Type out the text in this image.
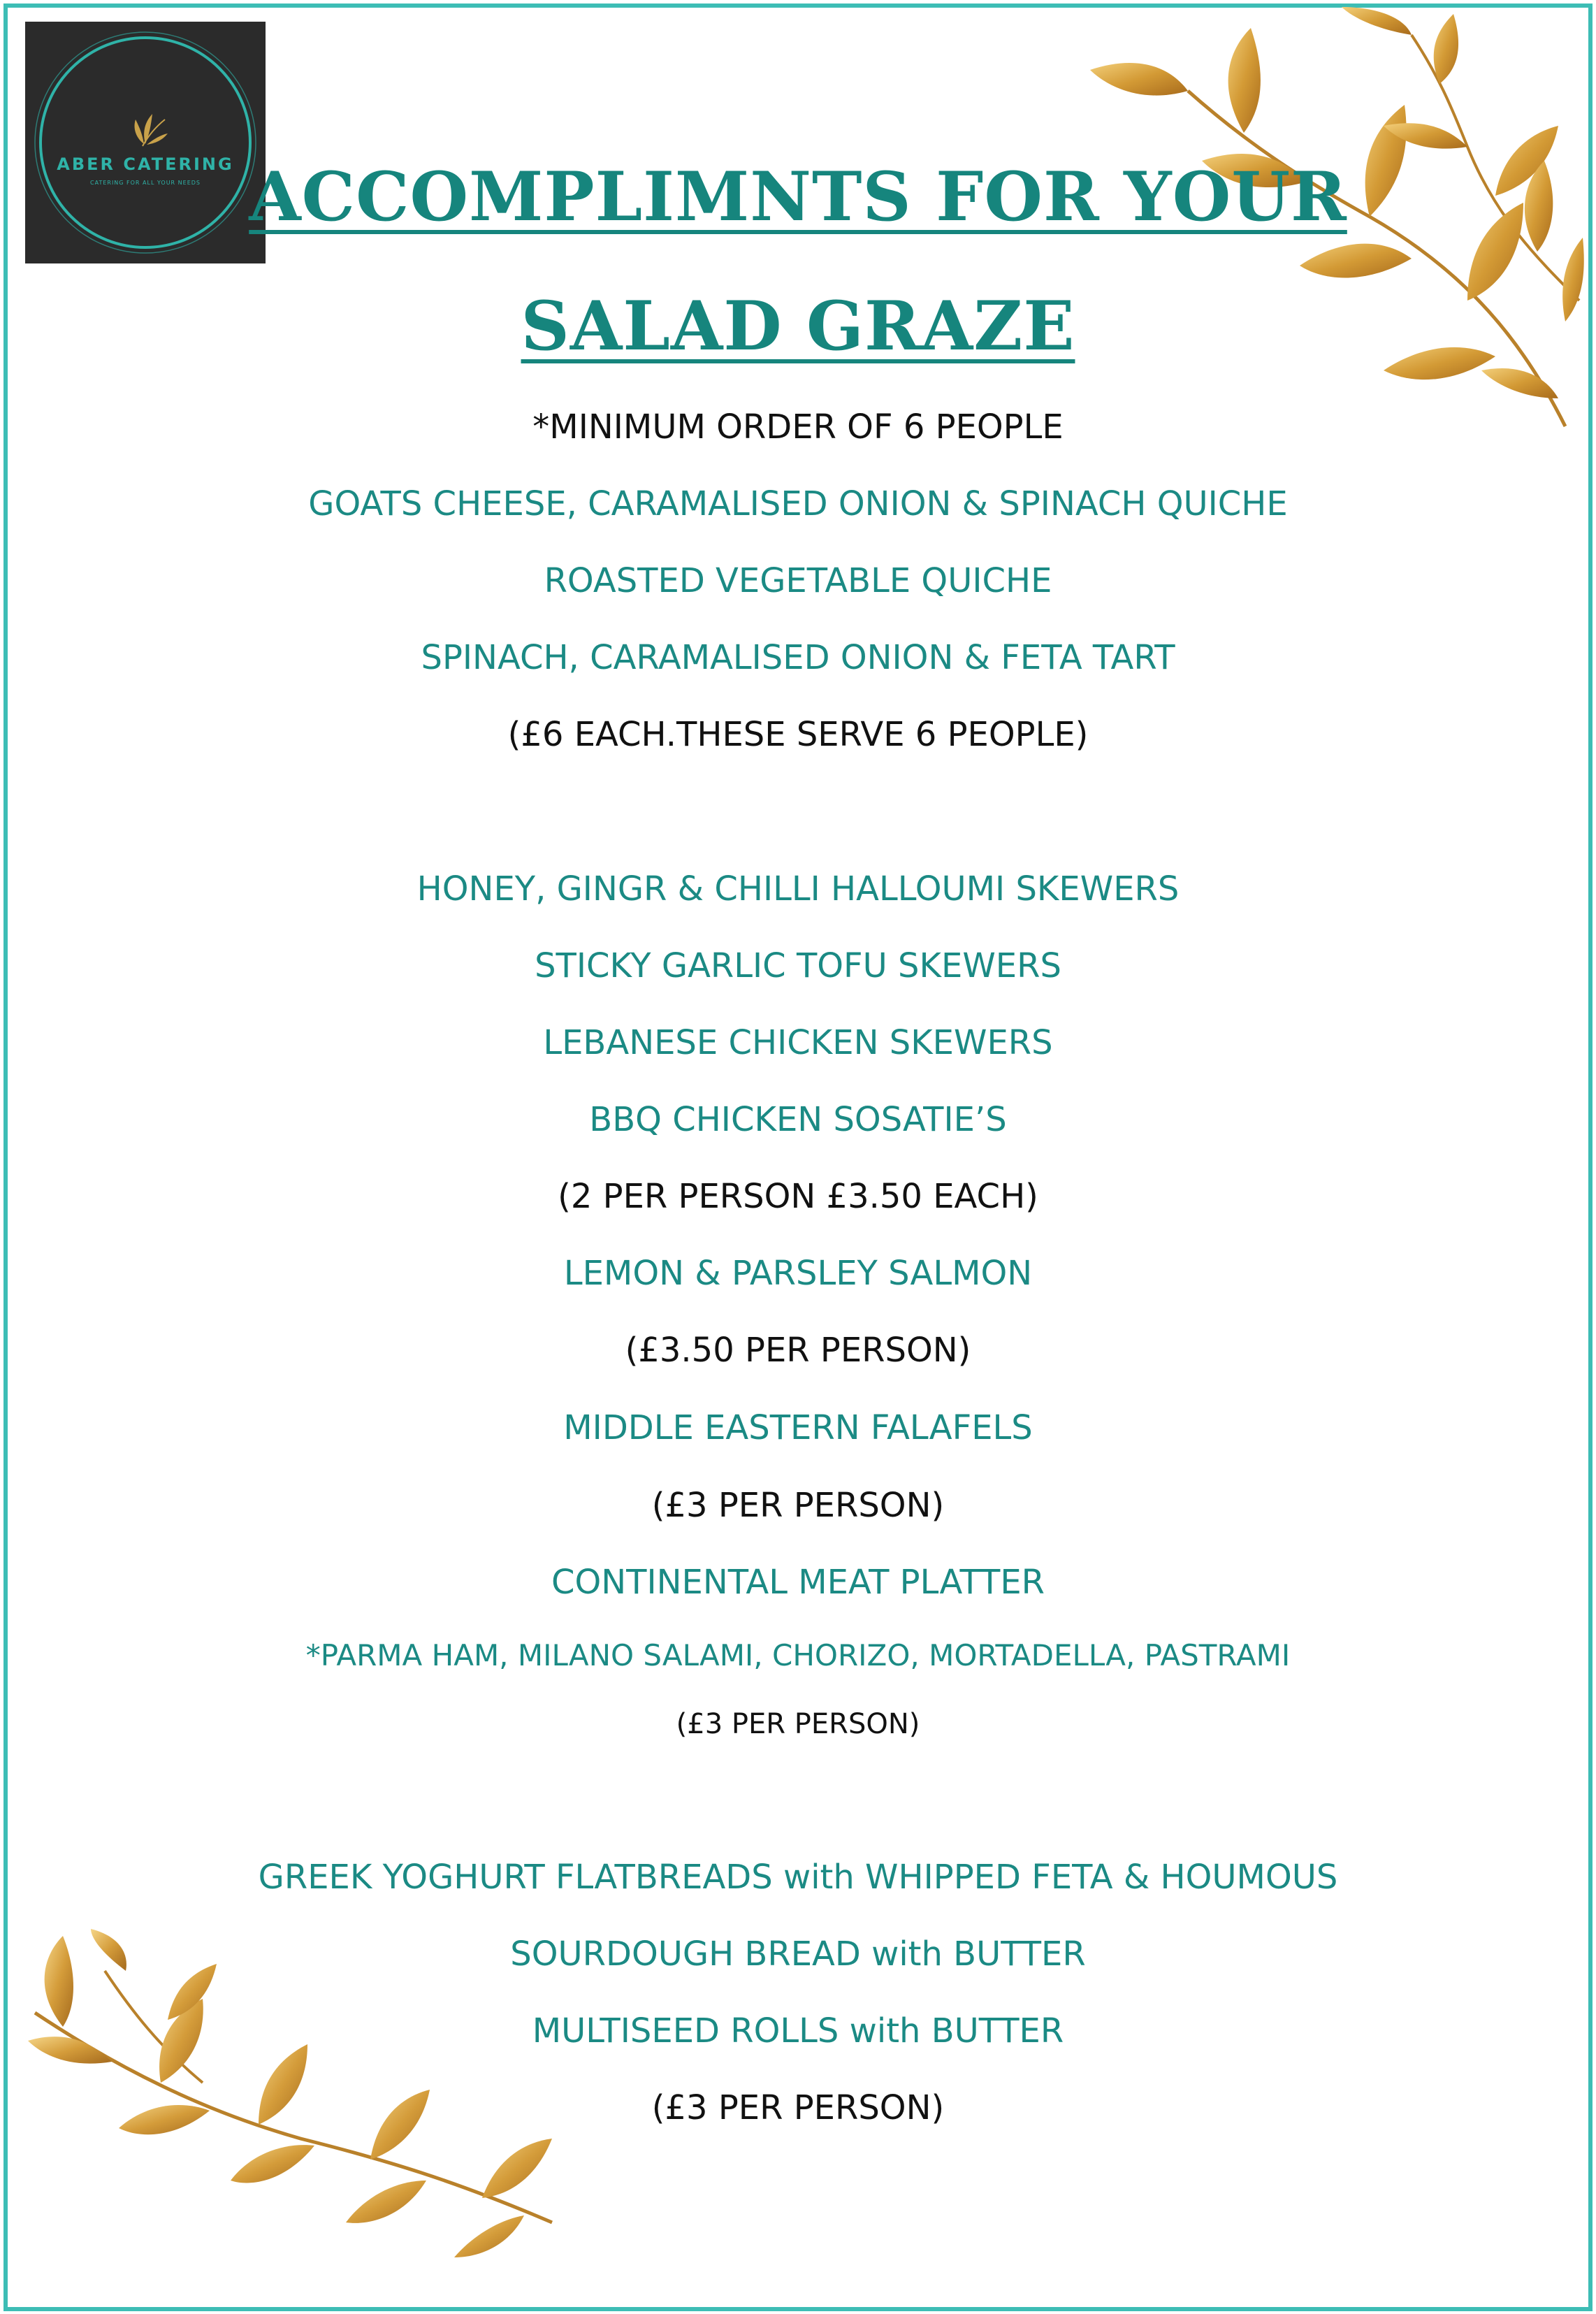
ABER CATERING
CATERING FOR ALL YOUR NEEDS ACCOMPLIMNTS FOR YOUR
SALAD GRAZE
*MINIMUM ORDER OF 6 PEOPLE
GOATS CHEESE, CARAMALISED ONION & SPINACH QUICHE
ROASTED VEGETABLE QUICHE
SPINACH, CARAMALISED ONION & FETA TART
(£6 EACH.THESE SERVE 6 PEOPLE)
HONEY, GINGR & CHILLI HALLOUMI SKEWERS
STICKY GARLIC TOFU SKEWERS
LEBANESE CHICKEN SKEWERS
BBQ CHICKEN SOSATIE’S
(2 PER PERSON £3.50 EACH)
LEMON & PARSLEY SALMON
(£3.50 PER PERSON)
MIDDLE EASTERN FALAFELS
(£3 PER PERSON)
CONTINENTAL MEAT PLATTER
*PARMA HAM, MILANO SALAMI, CHORIZO, MORTADELLA, PASTRAMI
(£3 PER PERSON)
GREEK YOGHURT FLATBREADS with WHIPPED FETA & HOUMOUS
SOURDOUGH BREAD with BUTTER
MULTISEED ROLLS with BUTTER
(£3 PER PERSON)
